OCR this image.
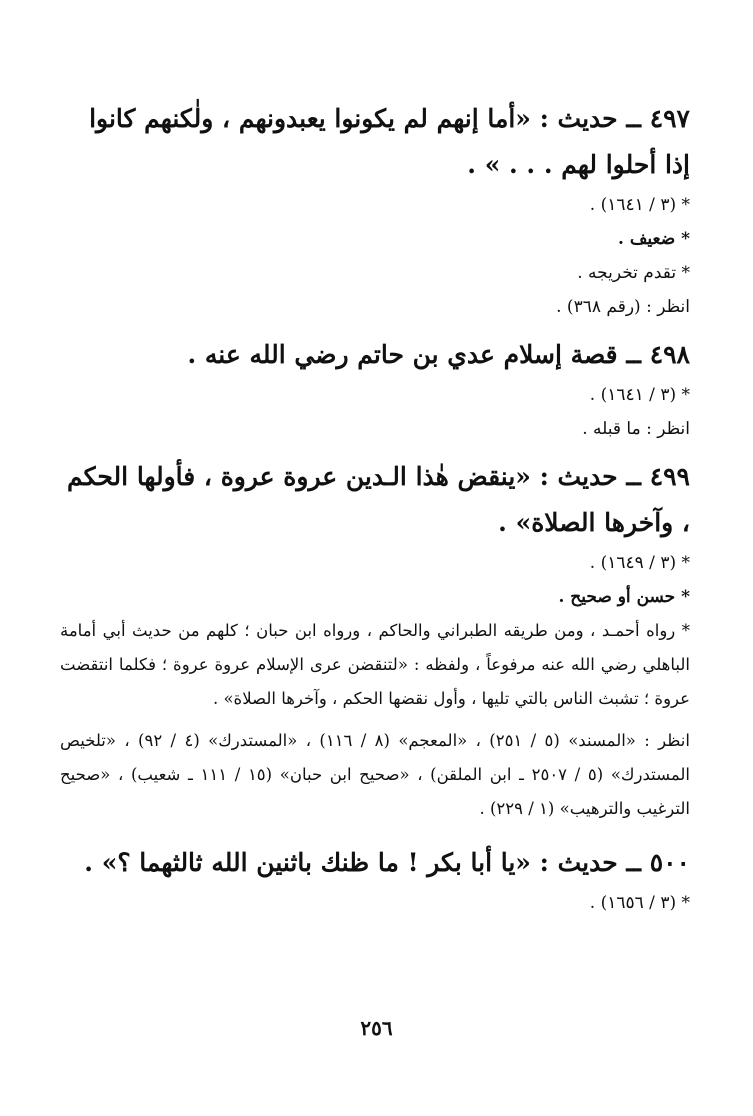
٤٩٧ ــ حديث : «أما إنهم لم يكونوا يعبدونهم ، ولٰكنهم كانوا إذا أحلوا لهم . . . » .

* (٣ / ١٦٤١) .

* ضعيف .

* تقدم تخريجه .

انظر : (رقم ٣٦٨) .

٤٩٨ ــ قصة إسلام عدي بن حاتم رضي الله عنه .

* (٣ / ١٦٤١) .

انظر : ما قبله .

٤٩٩ ــ حديث : «ينقض هٰذا الـدين عروة عروة ، فأولها الحكم ، وآخرها الصلاة» .

* (٣ / ١٦٤٩) .

* حسن أو صحيح .

* رواه أحمـد ، ومن طريقه الطبراني والحاكم ، ورواه ابن حبان ؛ كلهم من حديث أبي أمامة الباهلي رضي الله عنه مرفوعاً ، ولفظه : «لتنقضن عرى الإسلام عروة عروة ؛ فكلما انتقضت عروة ؛ تشبث الناس بالتي تليها ، وأول نقضها الحكم ، وآخرها الصلاة» .

انظر : «المسند» (٥ / ٢٥١) ، «المعجم» (٨ / ١١٦) ، «المستدرك» (٤ / ٩٢) ، «تلخيص المستدرك» (٥ / ٢٥٠٧ ـ ابن الملقن) ، «صحيح ابن حبان» (١٥ / ١١١ ـ شعيب) ، «صحيح الترغيب والترهيب» (١ / ٢٢٩) .

٥٠٠ ــ حديث : «يا أبا بكر ! ما ظنك باثنين الله ثالثهما ؟» .

* (٣ / ١٦٥٦) .

٢٥٦
